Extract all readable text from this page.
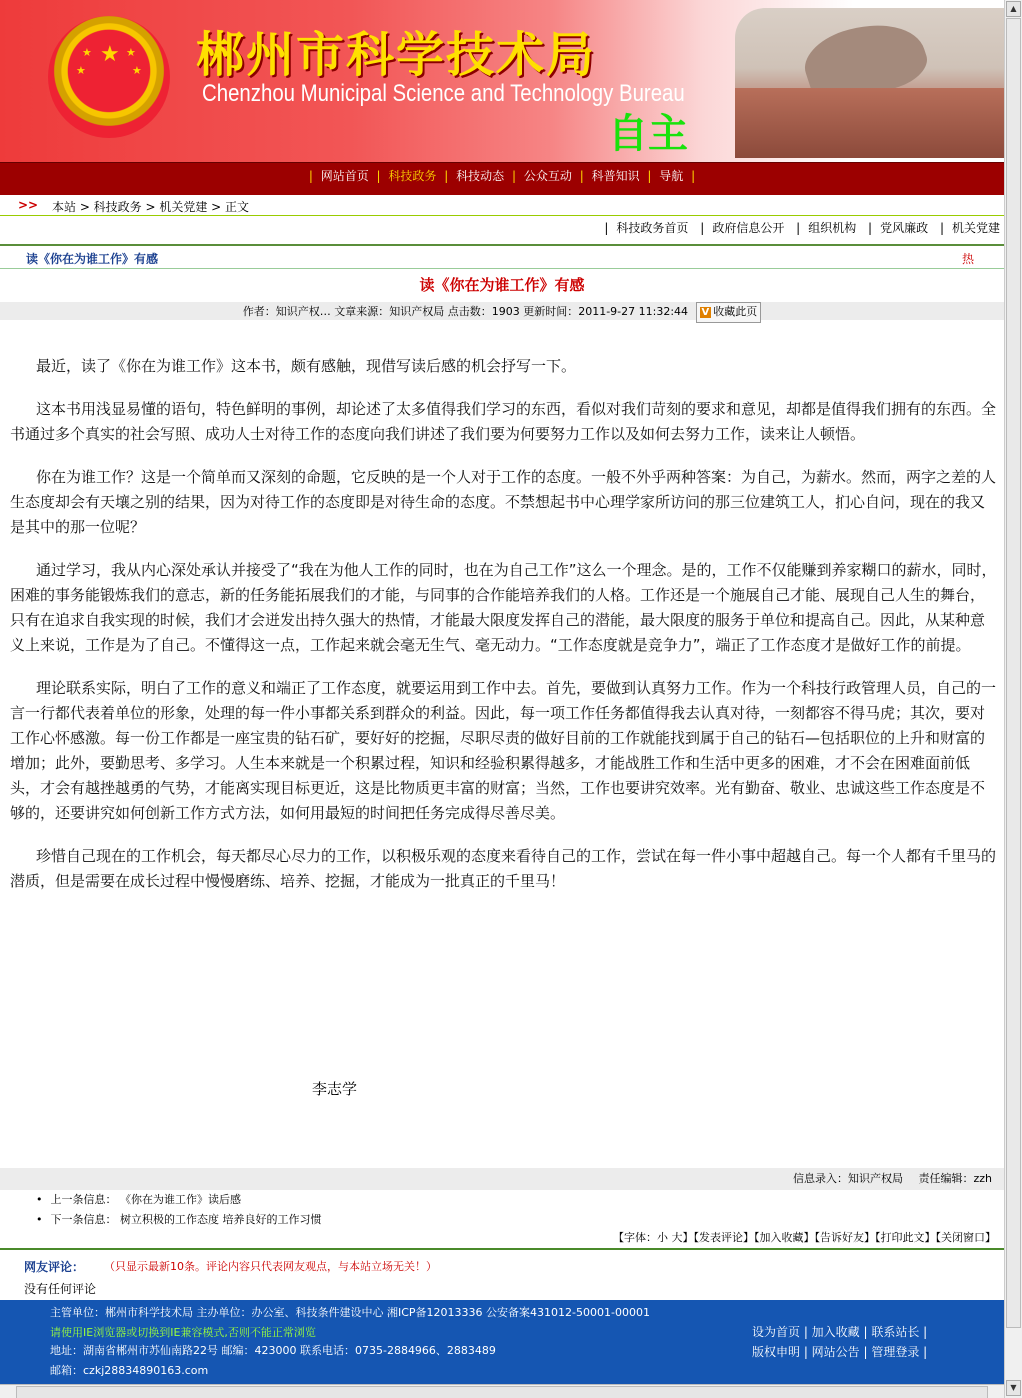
★
★	★
★	★ 郴州市科学技术局
Chenzhou Municipal Science and Technology Bureau
自主
| 网站首页 | 科技政务 | 科技动态 | 公众互动 | 科普知识 | 导航 |
>> 本站 > 科技政务 > 机关党建 > 正文
| 科技政务首页 | 政府信息公开 | 组织机构 | 党风廉政 | 机关党建
读《你在为谁工作》有感	热
读《你在为谁工作》有感
作者：知识产权… 文章来源：知识产权局 点击数：1903 更新时间：2011-9-27 11:32:44 V 收藏此页

最近，读了《你在为谁工作》这本书，颇有感触，现借写读后感的机会抒写一下。

这本书用浅显易懂的语句，特色鲜明的事例，却论述了太多值得我们学习的东西，看似对我们苛刻的要求和意见，却都是值得我们拥有的东西。全书通过多个真实的社会写照、成功人士对待工作的态度向我们讲述了我们要为何要努力工作以及如何去努力工作，读来让人顿悟。

你在为谁工作？这是一个简单而又深刻的命题，它反映的是一个人对于工作的态度。一般不外乎两种答案：为自己，为薪水。然而，两字之差的人生态度却会有天壤之别的结果，因为对待工作的态度即是对待生命的态度。不禁想起书中心理学家所访问的那三位建筑工人，扪心自问，现在的我又是其中的那一位呢？

通过学习，我从内心深处承认并接受了“我在为他人工作的同时，也在为自己工作”这么一个理念。是的，工作不仅能赚到养家糊口的薪水，同时，困难的事务能锻炼我们的意志，新的任务能拓展我们的才能，与同事的合作能培养我们的人格。工作还是一个施展自己才能、展现自己人生的舞台，只有在追求自我实现的时候，我们才会迸发出持久强大的热情，才能最大限度发挥自己的潜能，最大限度的服务于单位和提高自己。因此，从某种意义上来说，工作是为了自己。不懂得这一点，工作起来就会毫无生气、毫无动力。“工作态度就是竞争力”，端正了工作态度才是做好工作的前提。

理论联系实际，明白了工作的意义和端正了工作态度，就要运用到工作中去。首先，要做到认真努力工作。作为一个科技行政管理人员，自己的一言一行都代表着单位的形象，处理的每一件小事都关系到群众的利益。因此，每一项工作任务都值得我去认真对待，一刻都容不得马虎；其次，要对工作心怀感激。每一份工作都是一座宝贵的钻石矿，要好好的挖掘，尽职尽责的做好目前的工作就能找到属于自己的钻石—包括职位的上升和财富的增加；此外，要勤思考、多学习。人生本来就是一个积累过程，知识和经验积累得越多，才能战胜工作和生活中更多的困难，才不会在困难面前低头，才会有越挫越勇的气势，才能离实现目标更近，这是比物质更丰富的财富；当然，工作也要讲究效率。光有勤奋、敬业、忠诚这些工作态度是不够的，还要讲究如何创新工作方式方法，如何用最短的时间把任务完成得尽善尽美。

珍惜自己现在的工作机会，每天都尽心尽力的工作，以积极乐观的态度来看待自己的工作，尝试在每一件小事中超越自己。每一个人都有千里马的潜质，但是需要在成长过程中慢慢磨练、培养、挖掘，才能成为一批真正的千里马！

李志学
信息录入：知识产权局 责任编辑：zzh
• 上一条信息： 《你在为谁工作》读后感
• 下一条信息： 树立积极的工作态度 培养良好的工作习惯
【字体：小 大】【发表评论】【加入收藏】【告诉好友】【打印此文】【关闭窗口】
网友评论： （只显示最新10条。评论内容只代表网友观点，与本站立场无关！）
没有任何评论
主管单位：郴州市科学技术局 主办单位：办公室、科技条件建设中心 湘ICP备12013336 公安备案431012-50001-00001
请使用IE浏览器或切换到IE兼容模式,否则不能正常浏览
地址：湖南省郴州市苏仙南路22号 邮编：423000 联系电话：0735-2884966、2883489
邮箱：czkj28834890163.com
设为首页 | 加入收藏 | 联系站长 |
版权申明 | 网站公告 | 管理登录 |
▲
▼
